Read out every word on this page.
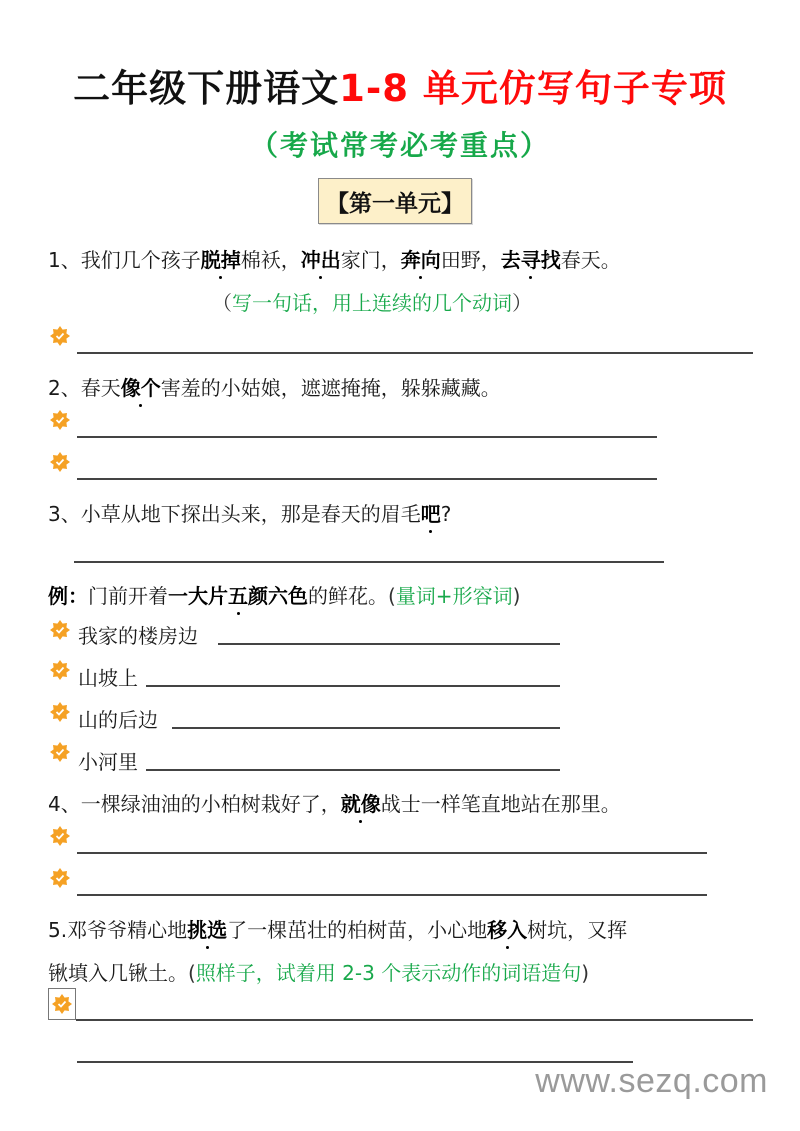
二年级下册语文1-8 单元仿写句子专项
（考试常考必考重点）
【第一单元】
1、我们几个孩子脱掉棉袄，冲出家门，奔向田野，去寻找春天。
（写一句话，用上连续的几个动词）
2、春天像个害羞的小姑娘，遮遮掩掩，躲躲藏藏。
3、小草从地下探出头来，那是春天的眉毛吧?
例：门前开着一大片五颜六色的鲜花。(量词+形容词)
我家的楼房边
山坡上
山的后边
小河里
4、一棵绿油油的小柏树栽好了，就像战士一样笔直地站在那里。
5.邓爷爷精心地挑选了一棵茁壮的柏树苗，小心地移入树坑，又挥
锹填入几锹土。(照样子，试着用 2-3 个表示动作的词语造句)
www.sezq.com
